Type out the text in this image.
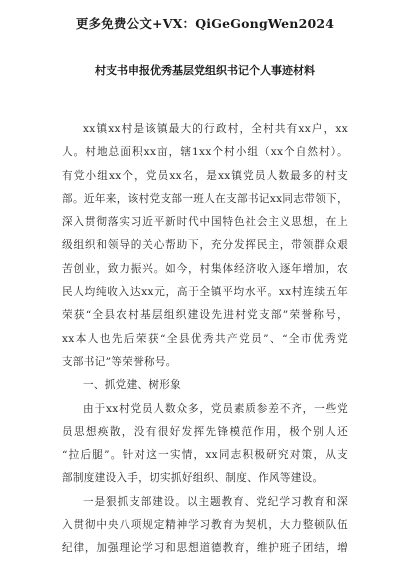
更多免费公文+VX：QiGeGongWen2024
村支书申报优秀基层党组织书记个人事迹材料
xx镇xx村是该镇最大的行政村，全村共有xx户，xx
人。村地总面积xx亩，辖1xx个村小组（xx个自然村）。
有党小组xx个，党员xx名，是xx镇党员人数最多的村支
部。近年来，该村党支部一班人在支部书记xx同志带领下，
深入贯彻落实习近平新时代中国特色社会主义思想，在上
级组织和领导的关心帮助下，充分发挥民主，带领群众艰
苦创业，致力振兴。如今，村集体经济收入逐年增加，农
民人均纯收入达xx元，高于全镇平均水平。xx村连续五年
荣获“全县农村基层组织建设先进村党支部”荣誉称号，
xx本人也先后荣获“全县优秀共产党员”、“全市优秀党
支部书记”等荣誉称号。
一、抓党建、树形象
由于xx村党员人数众多，党员素质参差不齐，一些党
员思想痪散，没有很好发挥先锋模范作用，极个别人还
“拉后腿”。针对这一实情，xx同志积极研究对策，从支
部制度建设入手，切实抓好组织、制度、作风等建设。
一是狠抓支部建设。以主题教育、党纪学习教育和深
入贯彻中央八项规定精神学习教育为契机，大力整顿队伍
纪律，加强理论学习和思想道德教育，维护班子团结，增
